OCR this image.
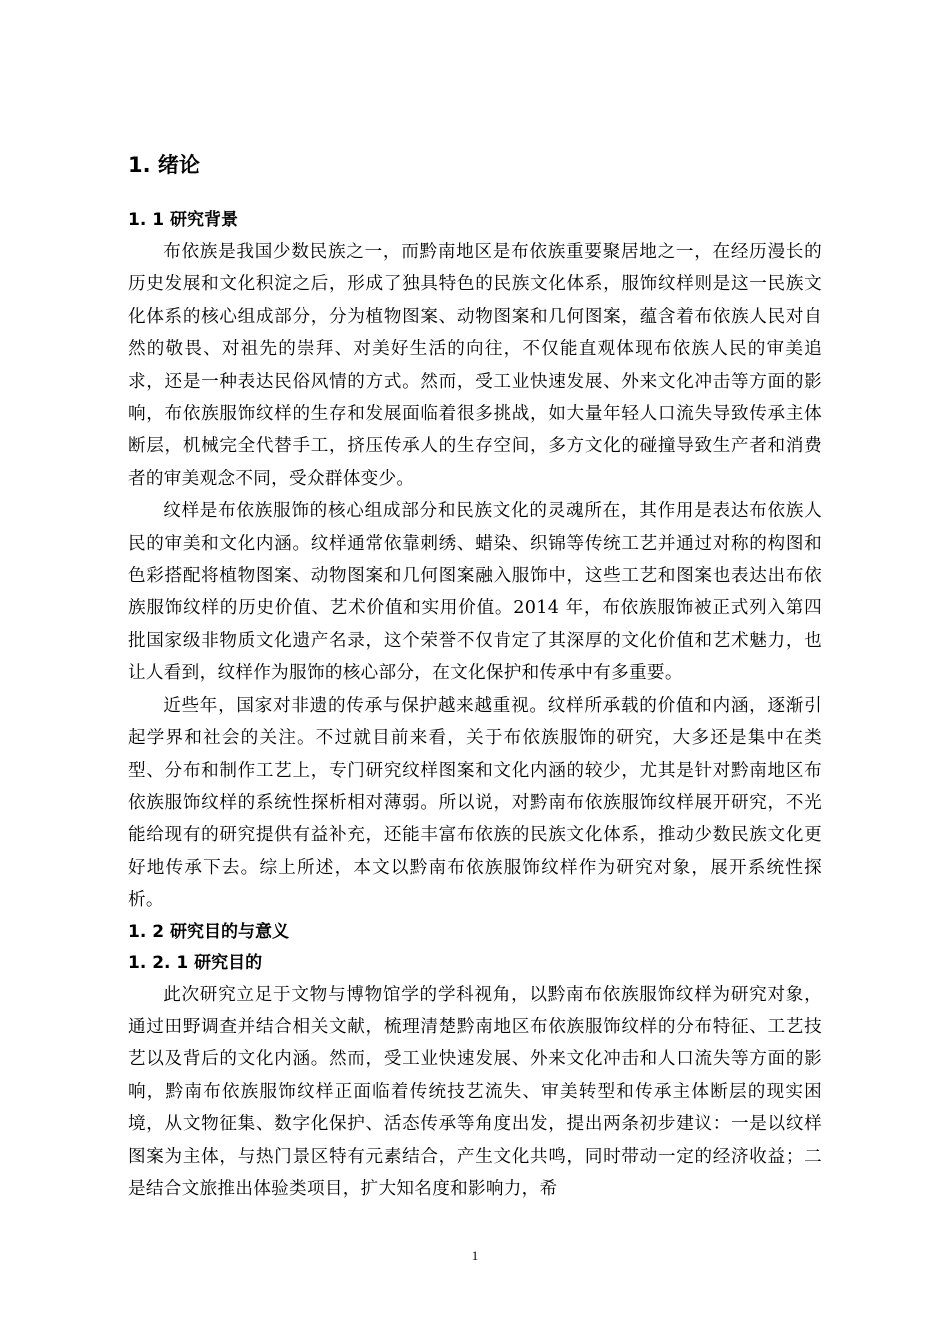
1. 绪论
1. 1 研究背景

布依族是我国少数民族之一，而黔南地区是布依族重要聚居地之一，在经历漫长的历史发展和文化积淀之后，形成了独具特色的民族文化体系，服饰纹样则是这一民族文化体系的核心组成部分，分为植物图案、动物图案和几何图案，蕴含着布依族人民对自然的敬畏、对祖先的崇拜、对美好生活的向往，不仅能直观体现布依族人民的审美追求，还是一种表达民俗风情的方式。然而，受工业快速发展、外来文化冲击等方面的影响，布依族服饰纹样的生存和发展面临着很多挑战，如大量年轻人口流失导致传承主体断层，机械完全代替手工，挤压传承人的生存空间，多方文化的碰撞导致生产者和消费者的审美观念不同，受众群体变少。

纹样是布依族服饰的核心组成部分和民族文化的灵魂所在，其作用是表达布依族人民的审美和文化内涵。纹样通常依靠刺绣、蜡染、织锦等传统工艺并通过对称的构图和色彩搭配将植物图案、动物图案和几何图案融入服饰中，这些工艺和图案也表达出布依族服饰纹样的历史价值、艺术价值和实用价值。2014 年，布依族服饰被正式列入第四批国家级非物质文化遗产名录，这个荣誉不仅肯定了其深厚的文化价值和艺术魅力，也让人看到，纹样作为服饰的核心部分，在文化保护和传承中有多重要。

近些年，国家对非遗的传承与保护越来越重视。纹样所承载的价值和内涵，逐渐引起学界和社会的关注。不过就目前来看，关于布依族服饰的研究，大多还是集中在类型、分布和制作工艺上，专门研究纹样图案和文化内涵的较少，尤其是针对黔南地区布依族服饰纹样的系统性探析相对薄弱。所以说，对黔南布依族服饰纹样展开研究，不光能给现有的研究提供有益补充，还能丰富布依族的民族文化体系，推动少数民族文化更好地传承下去。综上所述，本文以黔南布依族服饰纹样作为研究对象，展开系统性探析。

1. 2 研究目的与意义
1. 2. 1 研究目的

此次研究立足于文物与博物馆学的学科视角，以黔南布依族服饰纹样为研究对象，通过田野调查并结合相关文献，梳理清楚黔南地区布依族服饰纹样的分布特征、工艺技艺以及背后的文化内涵。然而，受工业快速发展、外来文化冲击和人口流失等方面的影响，黔南布依族服饰纹样正面临着传统技艺流失、审美转型和传承主体断层的现实困境，从文物征集、数字化保护、活态传承等角度出发，提出两条初步建议：一是以纹样图案为主体，与热门景区特有元素结合，产生文化共鸣，同时带动一定的经济收益；二是结合文旅推出体验类项目，扩大知名度和影响力，希

1
